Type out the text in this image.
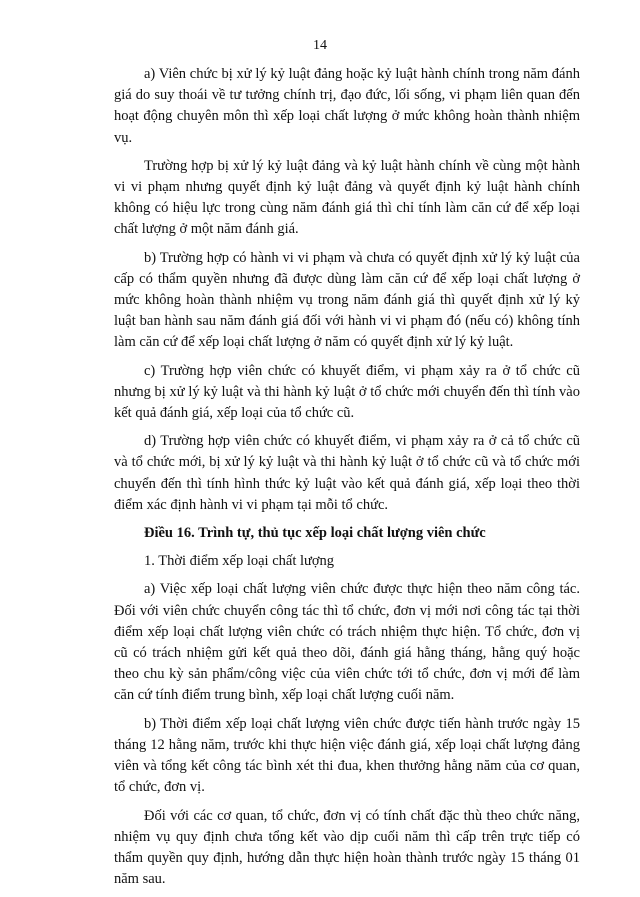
14

a) Viên chức bị xử lý kỷ luật đảng hoặc kỷ luật hành chính trong năm đánh giá do suy thoái về tư tưởng chính trị, đạo đức, lối sống, vi phạm liên quan đến hoạt động chuyên môn thì xếp loại chất lượng ở mức không hoàn thành nhiệm vụ.

Trường hợp bị xử lý kỷ luật đảng và kỷ luật hành chính về cùng một hành vi vi phạm nhưng quyết định kỷ luật đảng và quyết định kỷ luật hành chính không có hiệu lực trong cùng năm đánh giá thì chỉ tính làm căn cứ để xếp loại chất lượng ở một năm đánh giá.

b) Trường hợp có hành vi vi phạm và chưa có quyết định xử lý kỷ luật của cấp có thẩm quyền nhưng đã được dùng làm căn cứ để xếp loại chất lượng ở mức không hoàn thành nhiệm vụ trong năm đánh giá thì quyết định xử lý kỷ luật ban hành sau năm đánh giá đối với hành vi vi phạm đó (nếu có) không tính làm căn cứ để xếp loại chất lượng ở năm có quyết định xử lý kỷ luật.

c) Trường hợp viên chức có khuyết điểm, vi phạm xảy ra ở tổ chức cũ nhưng bị xử lý kỷ luật và thi hành kỷ luật ở tổ chức mới chuyển đến thì tính vào kết quả đánh giá, xếp loại của tổ chức cũ.

d) Trường hợp viên chức có khuyết điểm, vi phạm xảy ra ở cả tổ chức cũ và tổ chức mới, bị xử lý kỷ luật và thi hành kỷ luật ở tổ chức cũ và tổ chức mới chuyển đến thì tính hình thức kỷ luật vào kết quả đánh giá, xếp loại theo thời điểm xác định hành vi vi phạm tại mỗi tổ chức.

Điều 16. Trình tự, thủ tục xếp loại chất lượng viên chức

1. Thời điểm xếp loại chất lượng

a) Việc xếp loại chất lượng viên chức được thực hiện theo năm công tác. Đối với viên chức chuyển công tác thì tổ chức, đơn vị mới nơi công tác tại thời điểm xếp loại chất lượng viên chức có trách nhiệm thực hiện. Tổ chức, đơn vị cũ có trách nhiệm gửi kết quả theo dõi, đánh giá hằng tháng, hằng quý hoặc theo chu kỳ sản phẩm/công việc của viên chức tới tổ chức, đơn vị mới để làm căn cứ tính điểm trung bình, xếp loại chất lượng cuối năm.

b) Thời điểm xếp loại chất lượng viên chức được tiến hành trước ngày 15 tháng 12 hằng năm, trước khi thực hiện việc đánh giá, xếp loại chất lượng đảng viên và tổng kết công tác bình xét thi đua, khen thưởng hằng năm của cơ quan, tổ chức, đơn vị.

Đối với các cơ quan, tổ chức, đơn vị có tính chất đặc thù theo chức năng, nhiệm vụ quy định chưa tổng kết vào dịp cuối năm thì cấp trên trực tiếp có thẩm quyền quy định, hướng dẫn thực hiện hoàn thành trước ngày 15 tháng 01 năm sau.
